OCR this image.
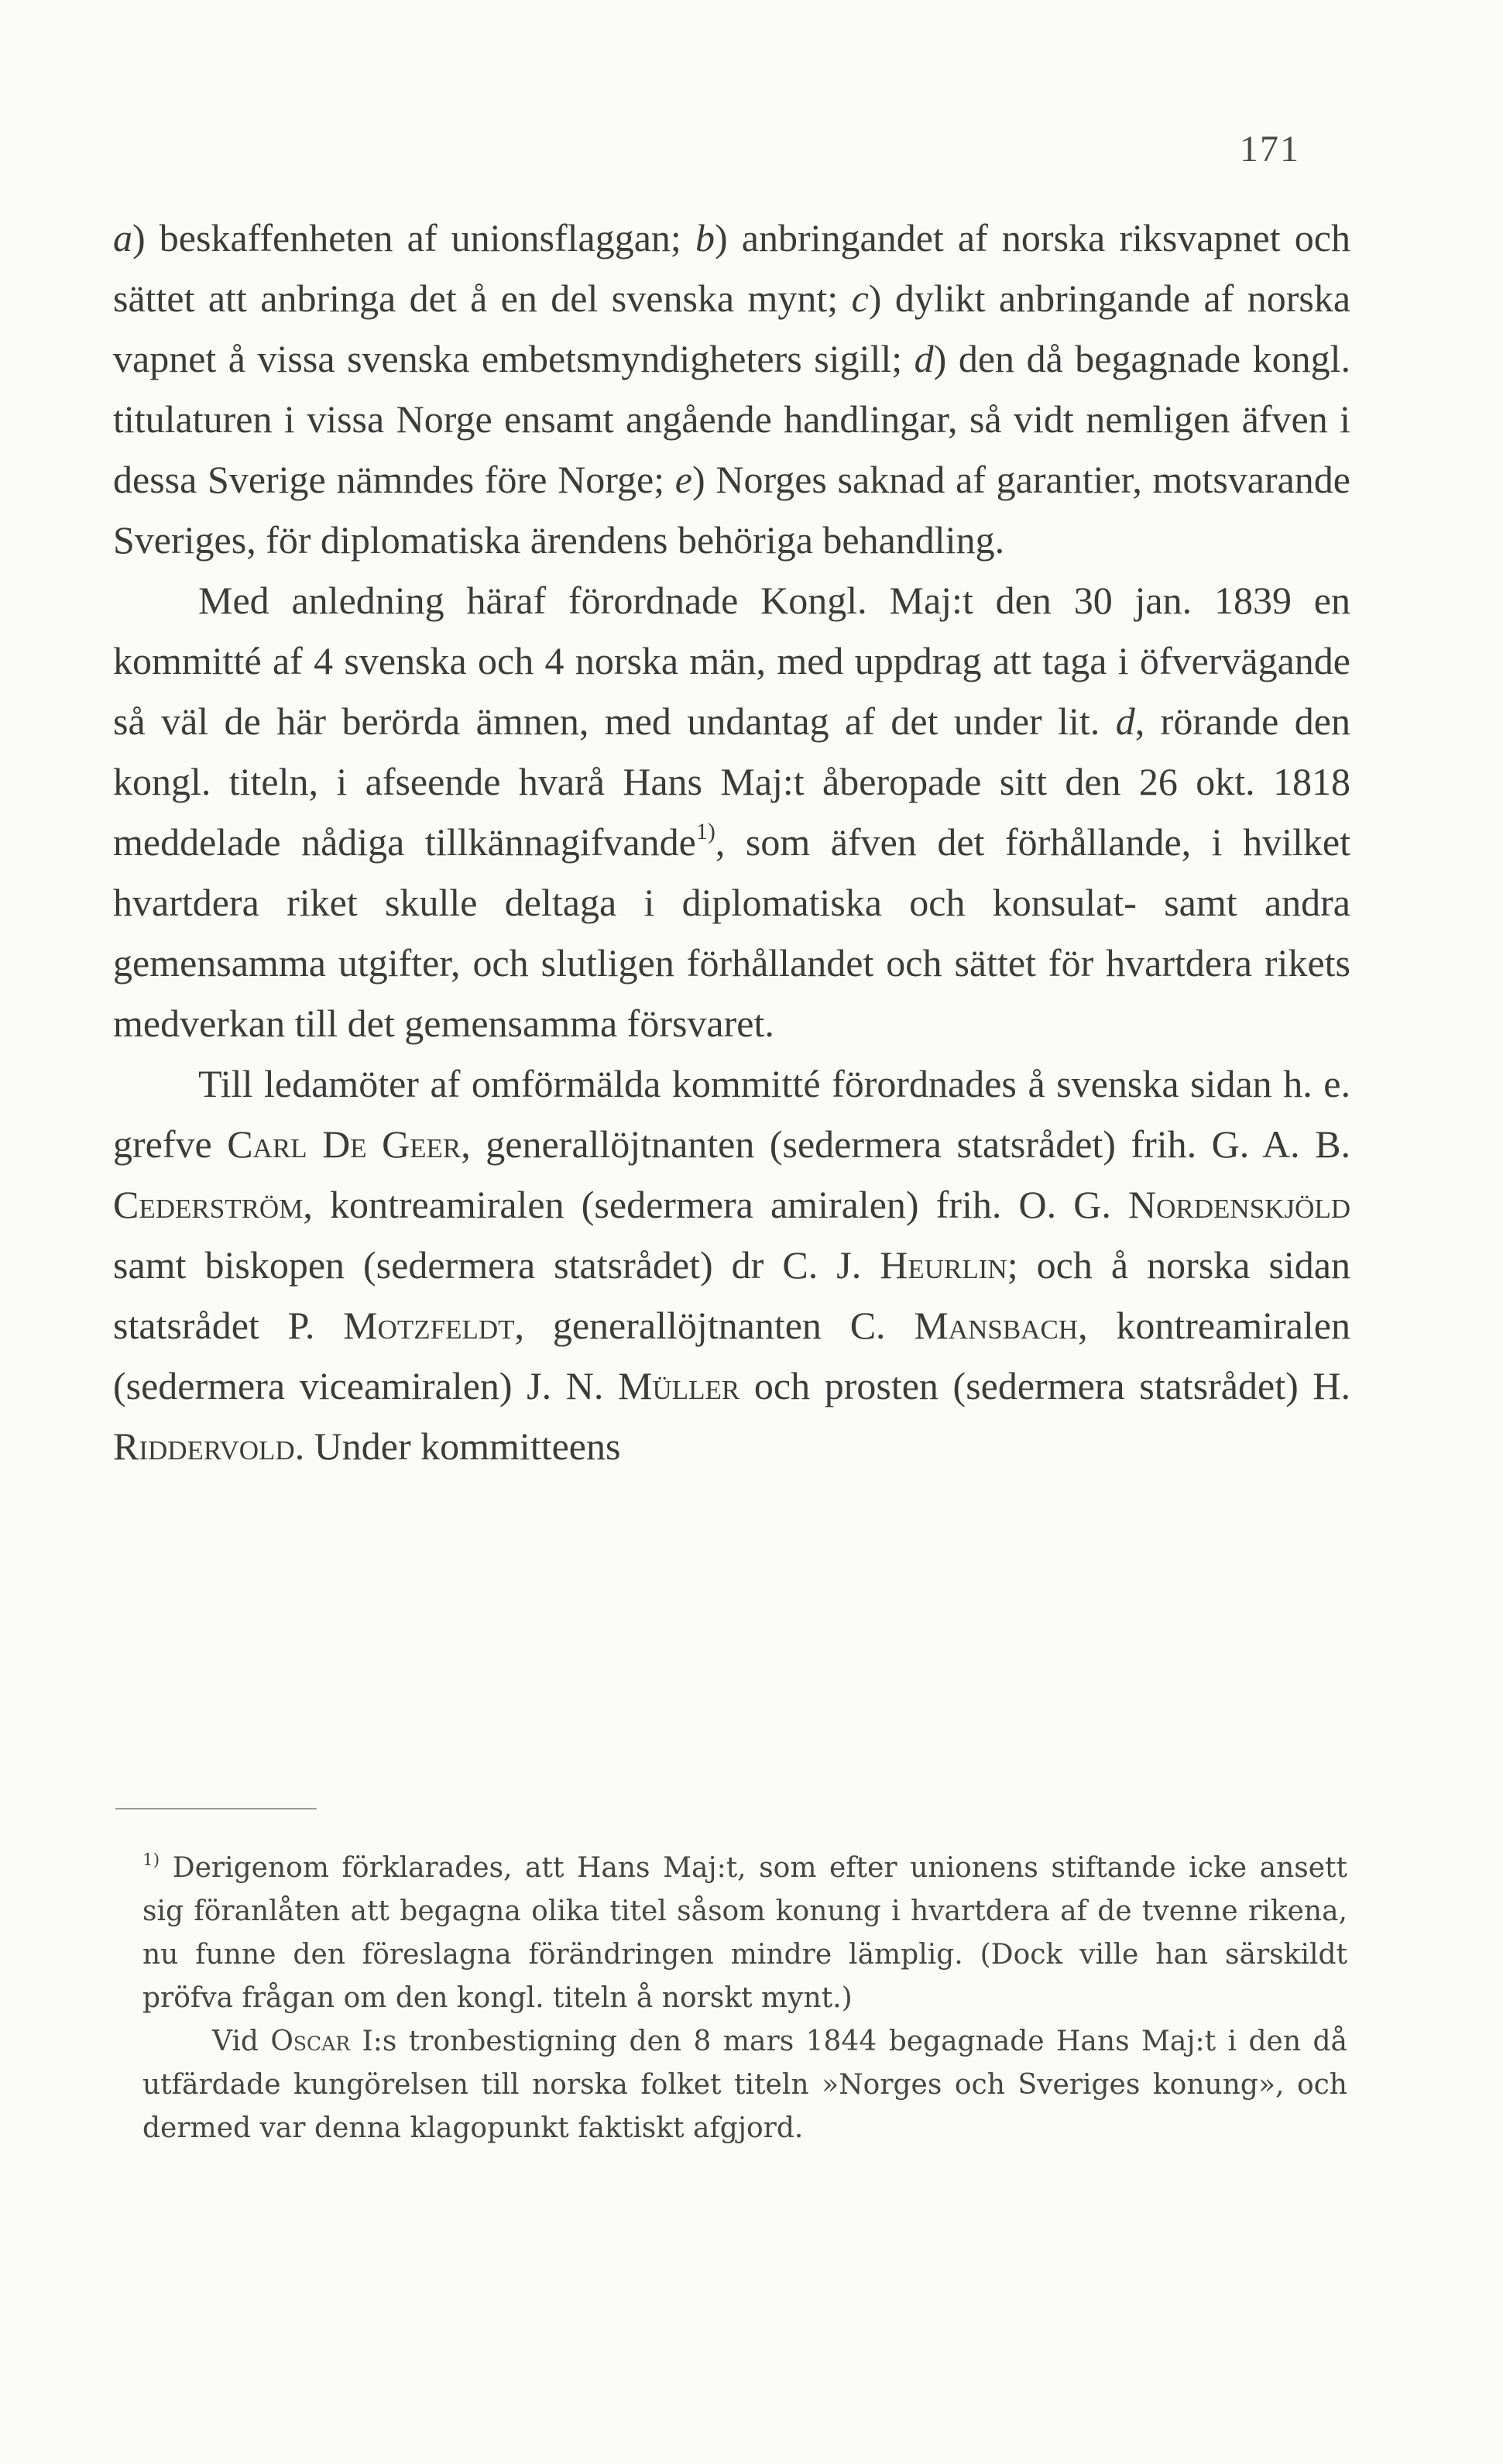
171

a) beskaffenheten af unionsflaggan; b) anbringandet af norska riksvapnet och sättet att anbringa det å en del svenska mynt; c) dylikt anbringande af norska vapnet å vissa svenska embetsmyndigheters sigill; d) den då begagnade kongl. titulaturen i vissa Norge ensamt angående handlingar, så vidt nemligen äfven i dessa Sverige nämndes före Norge; e) Norges saknad af garantier, motsvarande Sveriges, för diplomatiska ärendens behöriga behandling.

Med anledning häraf förordnade Kongl. Maj:t den 30 jan. 1839 en kommitté af 4 svenska och 4 norska män, med uppdrag att taga i öfvervägande så väl de här berörda ämnen, med undantag af det under lit. d, rörande den kongl. titeln, i afseende hvarå Hans Maj:t åberopade sitt den 26 okt. 1818 meddelade nådiga tillkännagifvande$^{1)}$, som äfven det förhållande, i hvilket hvartdera riket skulle deltaga i diplomatiska och konsulat- samt andra gemensamma utgifter, och slutligen förhållandet och sättet för hvartdera rikets medverkan till det gemensamma försvaret.

Till ledamöter af omförmälda kommitté förordnades å svenska sidan h. e. grefve Carl De Geer, generallöjtnanten (sedermera statsrådet) frih. G. A. B. Cederström, kontreamiralen (sedermera amiralen) frih. O. G. Nordenskjöld samt biskopen (sedermera statsrådet) dr C. J. Heurlin; och å norska sidan statsrådet P. Motzfeldt, generallöjtnanten C. Mansbach, kontreamiralen (sedermera viceamiralen) J. N. Müller och prosten (sedermera statsrådet) H. Riddervold. Under kommitteens

$^{1)}$ Derigenom förklarades, att Hans Maj:t, som efter unionens stiftande icke ansett sig föranlåten att begagna olika titel såsom konung i hvartdera af de tvenne rikena, nu funne den föreslagna förändringen mindre lämplig. (Dock ville han särskildt pröfva frågan om den kongl. titeln å norskt mynt.)

Vid Oscar I:s tronbestigning den 8 mars 1844 begagnade Hans Maj:t i den då utfärdade kungörelsen till norska folket titeln »Norges och Sveriges konung», och dermed var denna klagopunkt faktiskt afgjord.
